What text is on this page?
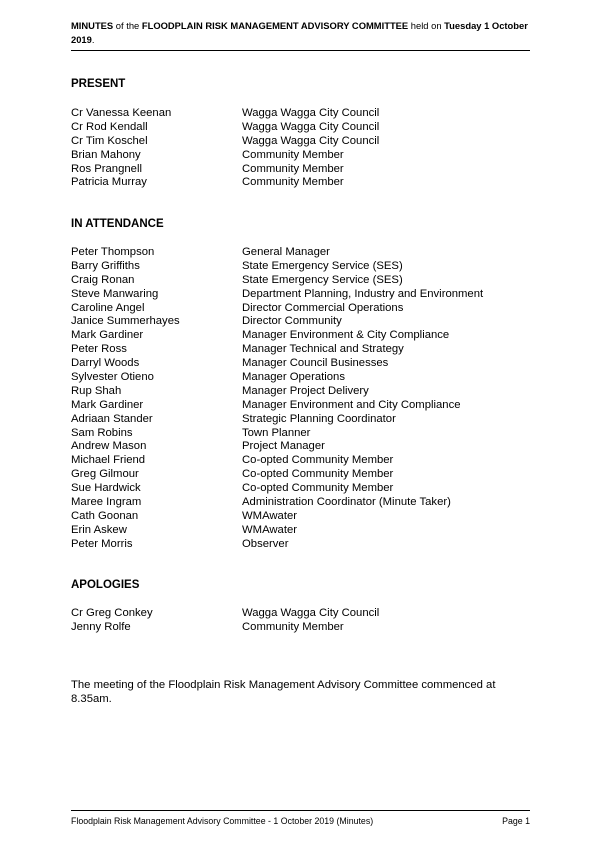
MINUTES of the FLOODPLAIN RISK MANAGEMENT ADVISORY COMMITTEE held on Tuesday 1 October 2019.
PRESENT
Cr Vanessa Keenan	Wagga Wagga City Council
Cr Rod Kendall	Wagga Wagga City Council
Cr Tim Koschel	Wagga Wagga City Council
Brian Mahony	Community Member
Ros Prangnell	Community Member
Patricia Murray	Community Member
IN ATTENDANCE
Peter Thompson	General Manager
Barry Griffiths	State Emergency Service (SES)
Craig Ronan	State Emergency Service (SES)
Steve Manwaring	Department Planning, Industry and Environment
Caroline Angel	Director Commercial Operations
Janice Summerhayes	Director Community
Mark Gardiner	Manager Environment & City Compliance
Peter Ross	Manager Technical and Strategy
Darryl Woods	Manager Council Businesses
Sylvester Otieno	Manager Operations
Rup Shah	Manager Project Delivery
Mark Gardiner	Manager Environment and City Compliance
Adriaan Stander	Strategic Planning Coordinator
Sam Robins	Town Planner
Andrew Mason	Project Manager
Michael Friend	Co-opted Community Member
Greg Gilmour	Co-opted Community Member
Sue Hardwick	Co-opted Community Member
Maree Ingram	Administration Coordinator (Minute Taker)
Cath Goonan	WMAwater
Erin Askew	WMAwater
Peter Morris	Observer
APOLOGIES
Cr Greg Conkey	Wagga Wagga City Council
Jenny Rolfe	Community Member
The meeting of the Floodplain Risk Management Advisory Committee commenced at 8.35am.
Floodplain Risk Management Advisory Committee - 1 October 2019 (Minutes)	Page 1
